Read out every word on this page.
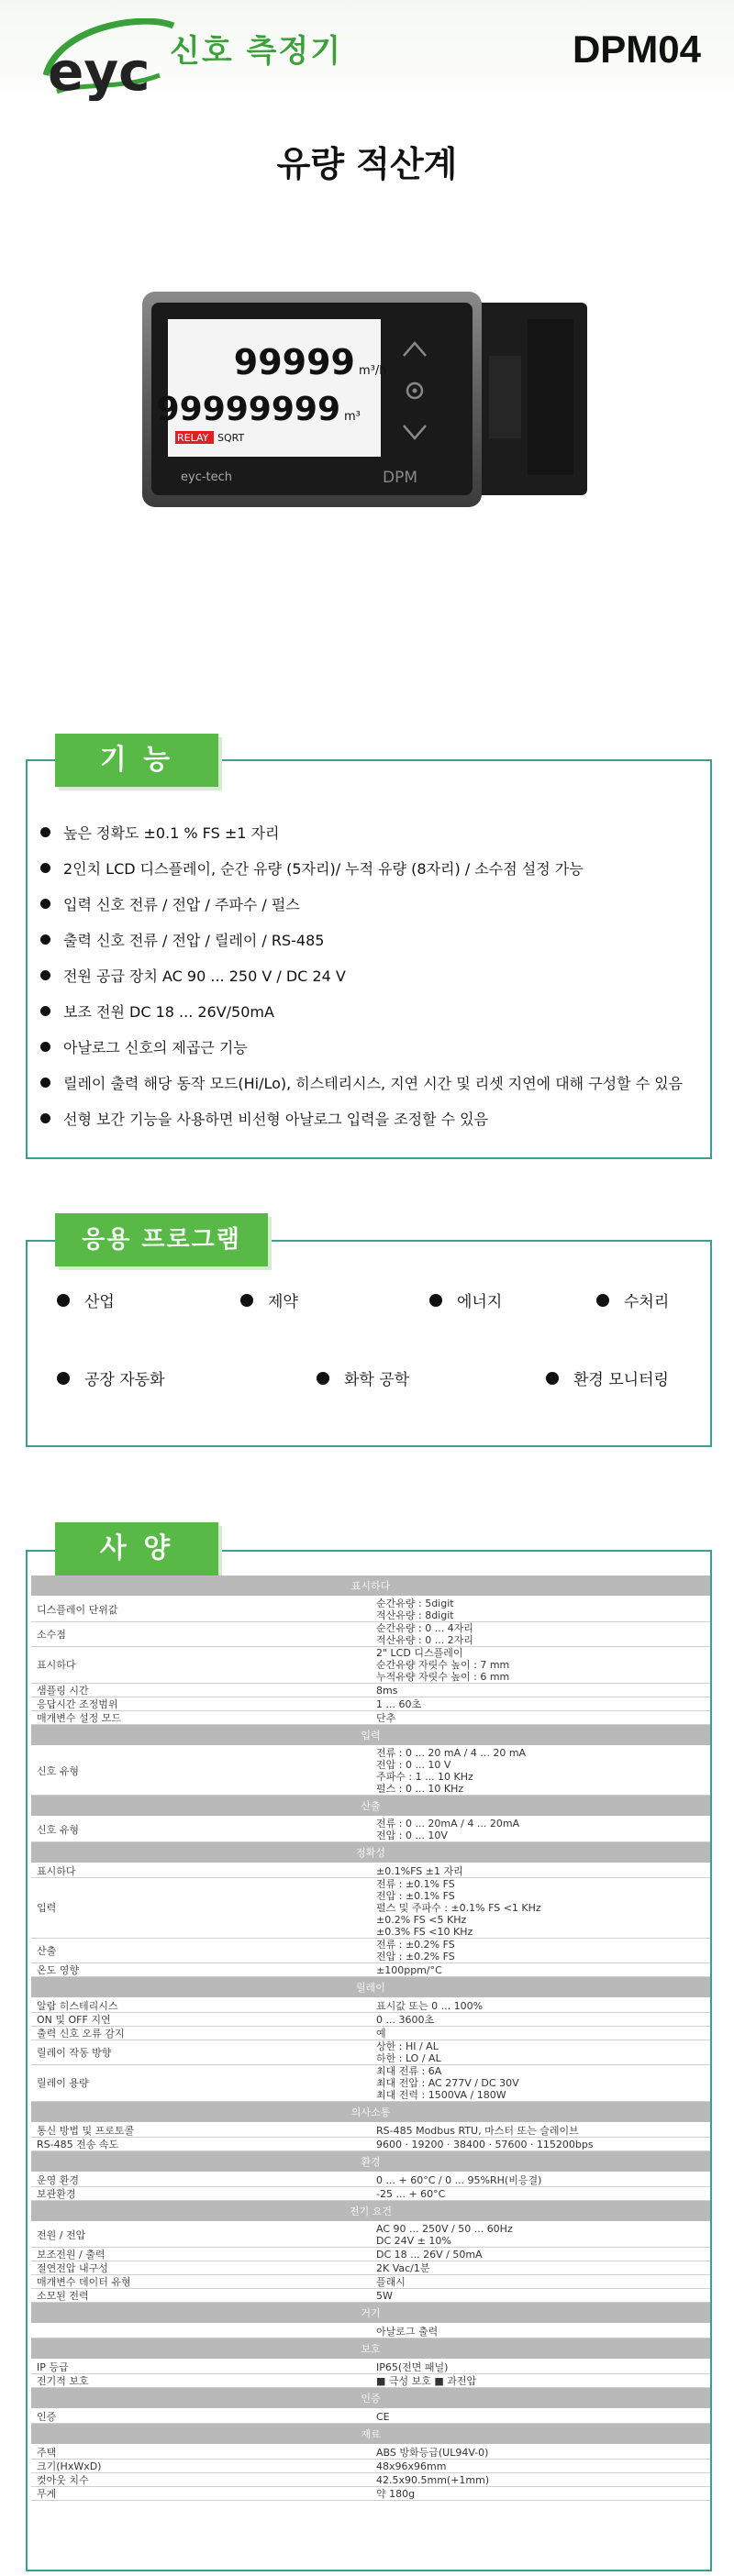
eyc 신호 측정기	DPM04
유량 적산계
99999 m³/h
99999999 m³
RELAY SQRT
eyc-tech	DPM
기 능
높은 정확도 ±0.1 % FS ±1 자리
2인치 LCD 디스플레이, 순간 유량 (5자리)/ 누적 유량 (8자리) / 소수점 설정 가능
입력 신호 전류 / 전압 / 주파수 / 펄스
출력 신호 전류 / 전압 / 릴레이 / RS-485
전원 공급 장치 AC 90 ... 250 V / DC 24 V
보조 전원 DC 18 ... 26V/50mA
아날로그 신호의 제곱근 기능
릴레이 출력 해당 동작 모드(Hi/Lo), 히스테리시스, 지연 시간 및 리셋 지연에 대해 구성할 수 있음
선형 보간 기능을 사용하면 비선형 아날로그 입력을 조정할 수 있음
응용 프로그램
산업	제약	에너지	수처리
공장 자동화	화학 공학	환경 모니터링
사 양
표시하다	
디스플레이 단위값	순간유량 : 5digit
적산유량 : 8digit

소수점	순간유량 : 0 ... 4자리
적산유량 : 0 ... 2자리

표시하다	2" LCD 디스플레이
순간유량 자릿수 높이 : 7 mm
누적유량 자릿수 높이 : 6 mm

샘플링 시간	8ms

응답시간 조정범위	1 ... 60초

매개변수 설정 모드	단추

입력	
신호 유형	전류 : 0 ... 20 mA / 4 ... 20 mA
전압 : 0 ... 10 V
주파수 : 1 ... 10 KHz
펄스 : 0 ... 10 KHz

산출	
신호 유형	전류 : 0 ... 20mA / 4 ... 20mA
전압 : 0 ... 10V

정확성	
표시하다	±0.1%FS ±1 자리

입력	전류 : ±0.1% FS
전압 : ±0.1% FS
펄스 및 주파수 : ±0.1% FS <1 KHz
±0.2% FS <5 KHz
±0.3% FS <10 KHz

산출	전류 : ±0.2% FS
전압 : ±0.2% FS

온도 영향	±100ppm/°C

릴레이	
알람 히스테리시스	표시값 또는 0 ... 100%

ON 및 OFF 지연	0 ... 3600초

출력 신호 오류 감지	예

릴레이 작동 방향	상한 : HI / AL
하한 : LO / AL

릴레이 용량	최대 전류 : 6A
최대 전압 : AC 277V / DC 30V
최대 전력 : 1500VA / 180W

의사소통	
통신 방법 및 프로토콜	RS-485 Modbus RTU, 마스터 또는 슬레이브

RS-485 전송 속도	9600 · 19200 · 38400 · 57600 · 115200bps

환경	
운영 환경	0 ... + 60°C / 0 ... 95%RH(비응결)

보관환경	-25 ... + 60°C

전기 요건	
전원 / 전압	AC 90 ... 250V / 50 ... 60Hz
DC 24V ± 10%

보조전원 / 출력	DC 18 ... 26V / 50mA

절연전압 내구성	2K Vac/1분

매개변수 데이터 유형	플래시

소모된 전력	5W

거기	

	아날로그 출력

보호	
IP 등급	IP65(전면 패널)

전기적 보호	■ 극성 보호 ■ 과전압

인증	
인증	CE

재료	
주택	ABS 방화등급(UL94V-0)

크기(HxWxD)	48x96x96mm

컷아웃 치수	42.5x90.5mm(+1mm)

무게	약 180g
